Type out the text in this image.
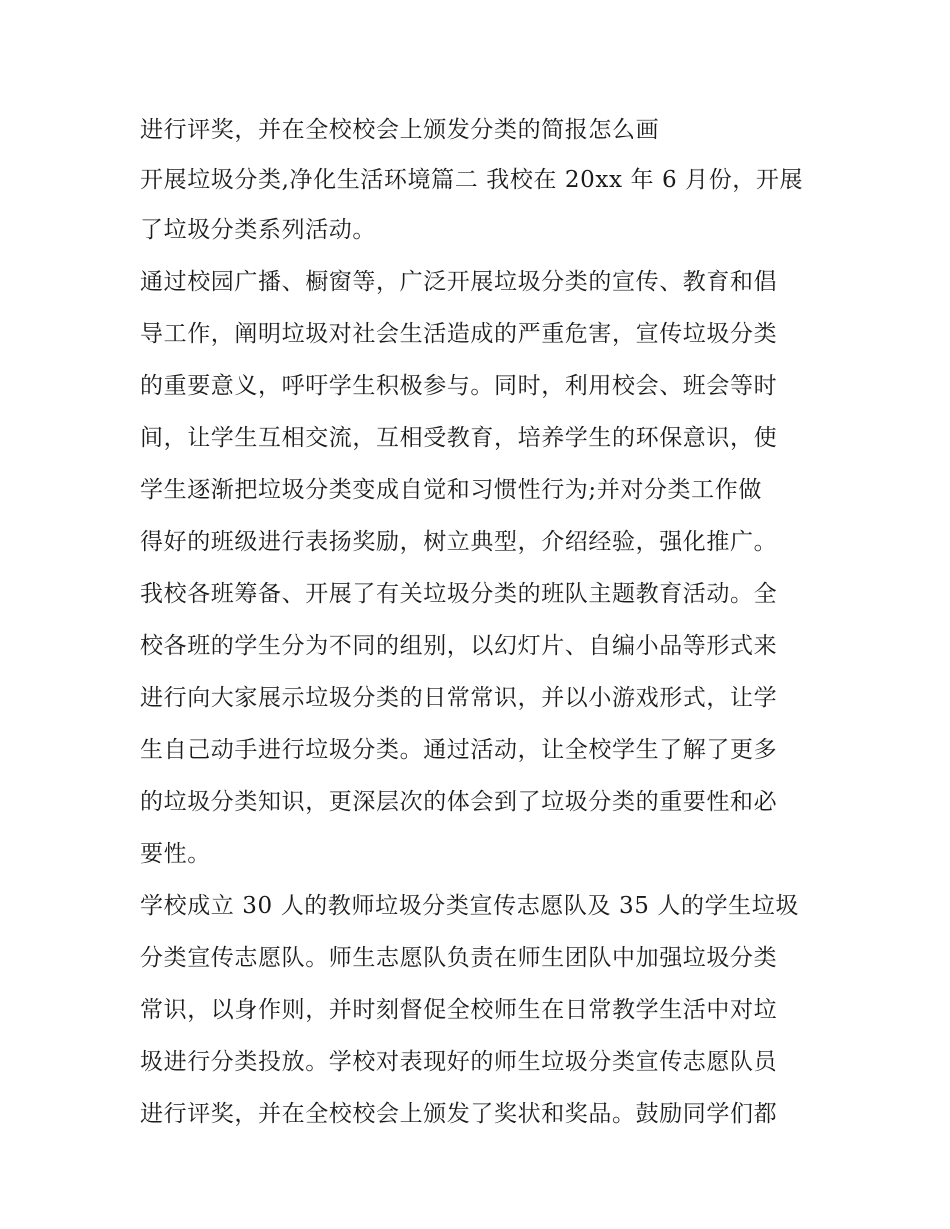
进行评奖，并在全校校会上颁发分类的简报怎么画

开展垃圾分类,净化生活环境篇二 我校在 20xx 年 6 月份，开展

了垃圾分类系列活动。

通过校园广播、橱窗等，广泛开展垃圾分类的宣传、教育和倡

导工作，阐明垃圾对社会生活造成的严重危害，宣传垃圾分类

的重要意义，呼吁学生积极参与。同时，利用校会、班会等时

间，让学生互相交流，互相受教育，培养学生的环保意识，使

学生逐渐把垃圾分类变成自觉和习惯性行为;并对分类工作做

得好的班级进行表扬奖励，树立典型，介绍经验，强化推广。

我校各班筹备、开展了有关垃圾分类的班队主题教育活动。全

校各班的学生分为不同的组别，以幻灯片、自编小品等形式来

进行向大家展示垃圾分类的日常常识，并以小游戏形式，让学

生自己动手进行垃圾分类。通过活动，让全校学生了解了更多

的垃圾分类知识，更深层次的体会到了垃圾分类的重要性和必

要性。

学校成立 30 人的教师垃圾分类宣传志愿队及 35 人的学生垃圾

分类宣传志愿队。师生志愿队负责在师生团队中加强垃圾分类

常识，以身作则，并时刻督促全校师生在日常教学生活中对垃

圾进行分类投放。学校对表现好的师生垃圾分类宣传志愿队员

进行评奖，并在全校校会上颁发了奖状和奖品。鼓励同学们都
